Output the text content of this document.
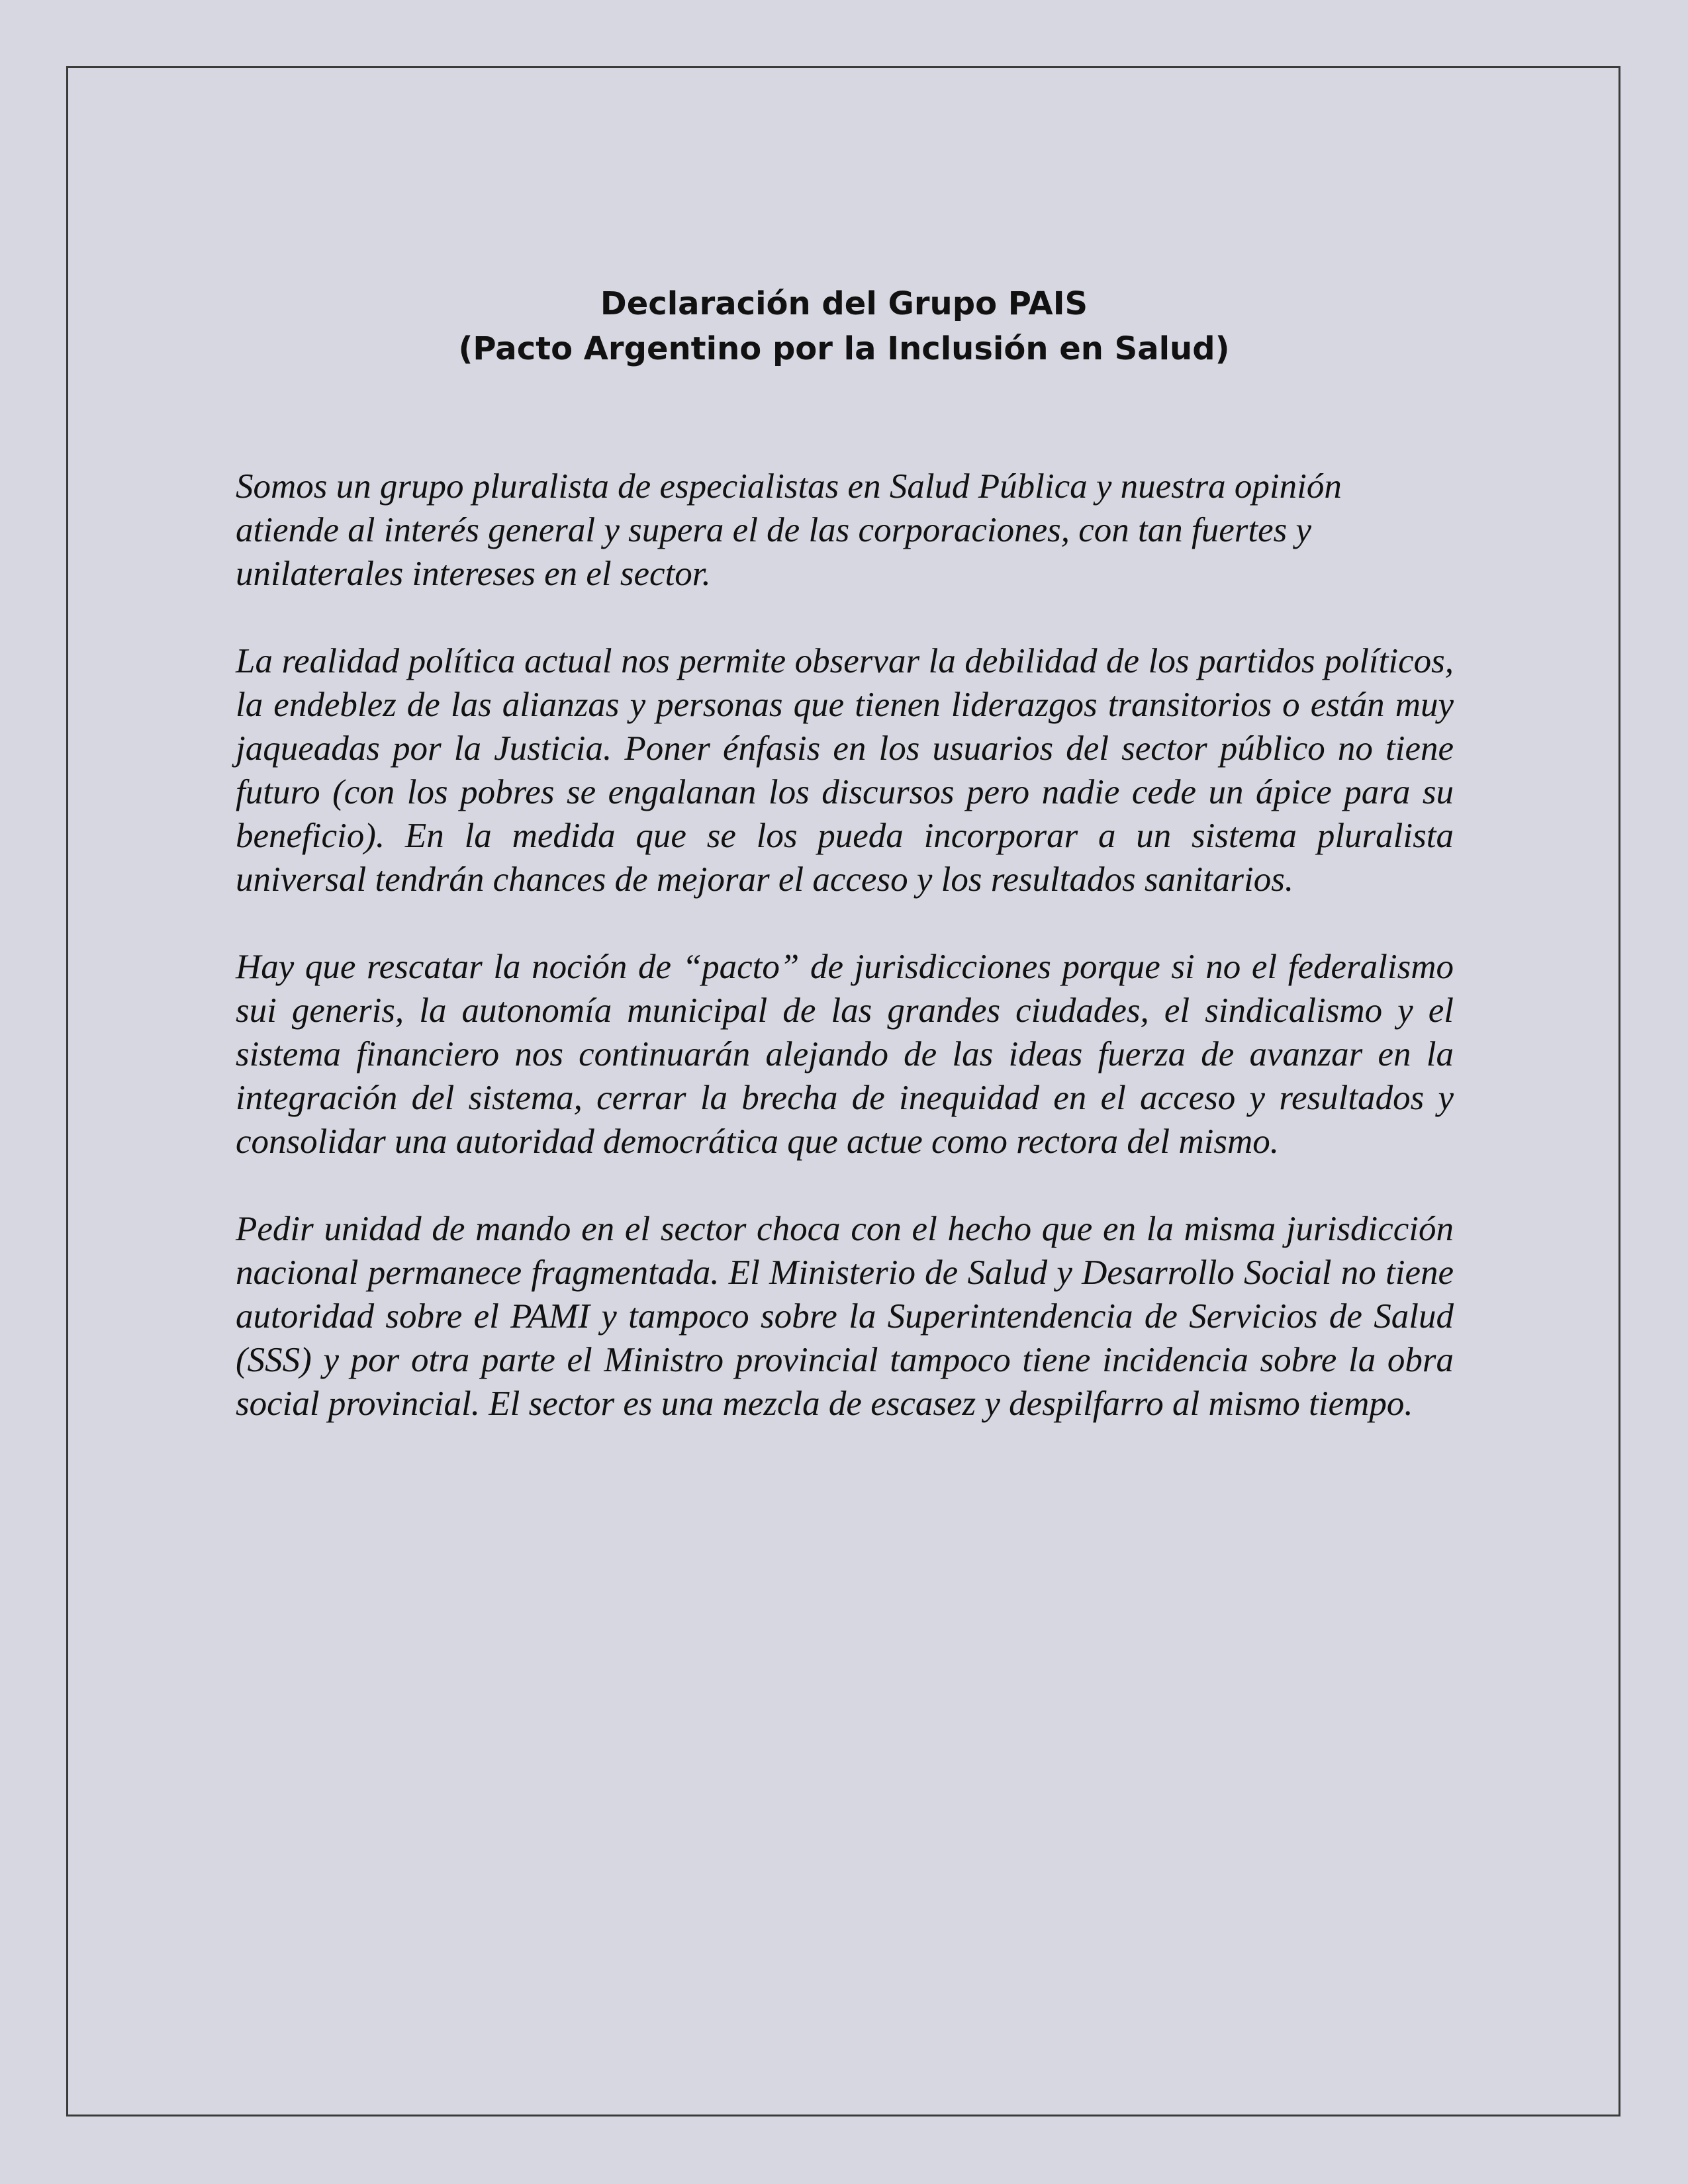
Declaración del Grupo PAIS
(Pacto Argentino por la Inclusión en Salud)

Somos un grupo pluralista de especialistas en Salud Pública y nuestra opinión atiende al interés general y supera el de las corporaciones, con tan fuertes y unilaterales intereses en el sector.

La realidad política actual nos permite observar la debilidad de los partidos políticos, la endeblez de las alianzas y personas que tienen liderazgos transitorios o están muy jaqueadas por la Justicia. Poner énfasis en los usuarios del sector público no tiene futuro (con los pobres se engalanan los discursos pero nadie cede un ápice para su beneficio). En la medida que se los pueda incorporar a un sistema pluralista universal tendrán chances de mejorar el acceso y los resultados sanitarios.

Hay que rescatar la noción de “pacto” de jurisdicciones porque si no el federalismo sui generis, la autonomía municipal de las grandes ciudades, el sindicalismo y el sistema financiero nos continuarán alejando de las ideas fuerza de avanzar en la integración del sistema, cerrar la brecha de inequidad en el acceso y resultados y consolidar una autoridad democrática que actue como rectora del mismo.

Pedir unidad de mando en el sector choca con el hecho que en la misma jurisdicción nacional permanece fragmentada. El Ministerio de Salud y Desarrollo Social no tiene autoridad sobre el PAMI y tampoco sobre la Superintendencia de Servicios de Salud (SSS) y por otra parte el Ministro provincial tampoco tiene incidencia sobre la obra social provincial. El sector es una mezcla de escasez y despilfarro al mismo tiempo.
